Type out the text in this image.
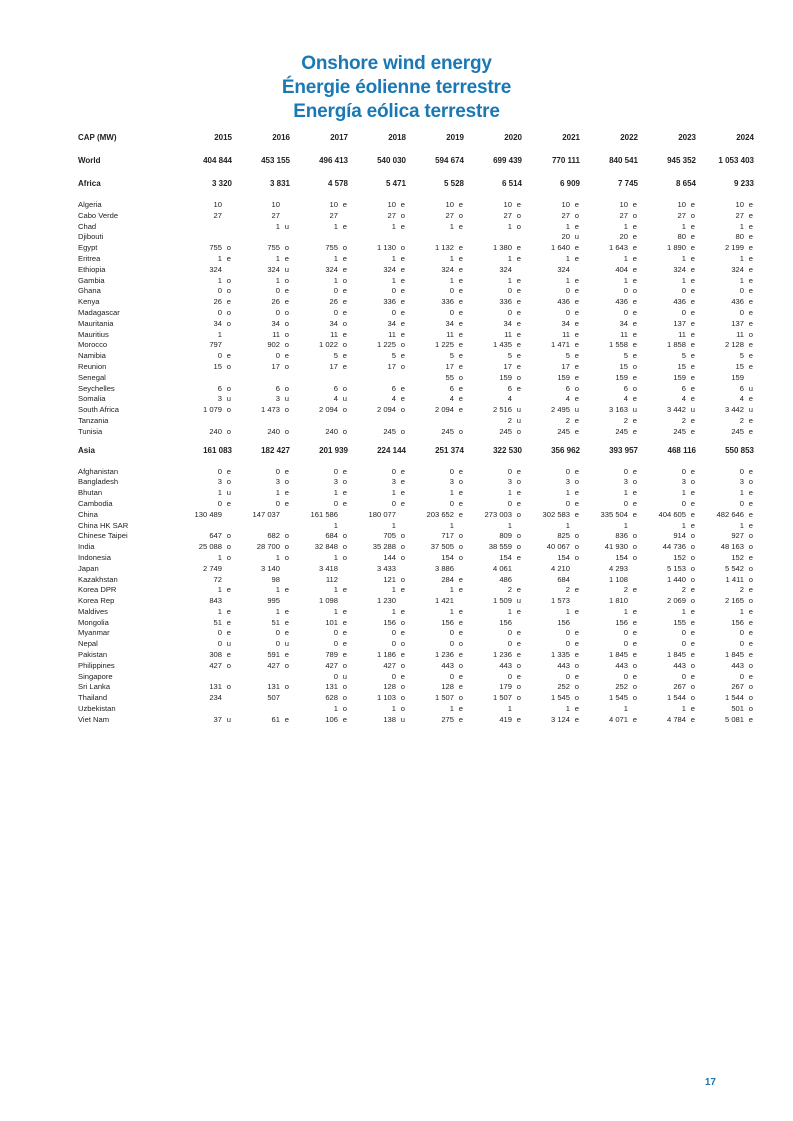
Onshore wind energy
Énergie éolienne terrestre
Energía eólica terrestre
CAP (MW)	2015	2016	2017	2018	2019	2020	2021	2022	2023	2024

World	404 844	453 155	496 413	540 030	594 674	699 439	770 111	840 541	945 352	1 053 403

Africa	3 320	3 831	4 578	5 471	5 528	6 514	6 909	7 745	8 654	9 233

Algeria	10	10	10 e	10 e	10 e	10 e	10 e	10 e	10 e	10 e

Cabo Verde	27	27	27	27 o	27 o	27 o	27 o	27 o	27 o	27 e

Chad		1 u	1 e	1 e	1 e	1 o	1 e	1 e	1 e	1 e

Djibouti							20 u	20 e	80 e	80 e

Egypt	755 o	755 o	755 o	1 130 o	1 132 e	1 380 e	1 640 e	1 643 e	1 890 e	2 199 e

Eritrea	1 e	1 e	1 e	1 e	1 e	1 e	1 e	1 e	1 e	1 e

Ethiopia	324	324 u	324 e	324 e	324 e	324	324	404 e	324 e	324 e

Gambia	1 o	1 o	1 o	1 e	1 e	1 e	1 e	1 e	1 e	1 e

Ghana	0 o	0 e	0 e	0 e	0 e	0 e	0 e	0 o	0 e	0 e

Kenya	26 e	26 e	26 e	336 e	336 e	336 e	436 e	436 e	436 e	436 e

Madagascar	0 o	0 o	0 e	0 e	0 e	0 e	0 e	0 e	0 e	0 e

Mauritania	34 o	34 o	34 o	34 e	34 e	34 e	34 e	34 e	137 e	137 e

Mauritius	1	11 o	11 e	11 e	11 e	11 e	11 e	11 e	11 e	11 o

Morocco	797	902 o	1 022 o	1 225 o	1 225 e	1 435 e	1 471 e	1 558 e	1 858 e	2 128 e

Namibia	0 e	0 e	5 e	5 e	5 e	5 e	5 e	5 e	5 e	5 e

Reunion	15 o	17 o	17 e	17 o	17 e	17 e	17 e	15 o	15 e	15 e

Senegal					55 o	159 o	159 e	159 e	159 e	159

Seychelles	6 o	6 o	6 o	6 e	6 e	6 e	6 o	6 o	6 e	6 u

Somalia	3 u	3 u	4 u	4 e	4 e	4	4 e	4 e	4 e	4 e

South Africa	1 079 o	1 473 o	2 094 o	2 094 o	2 094 e	2 516 u	2 495 u	3 163 u	3 442 u	3 442 u

Tanzania						2 u	2 e	2 e	2 e	2 e

Tunisia	240 o	240 o	240 o	245 o	245 o	245 o	245 e	245 e	245 e	245 e

Asia	161 083	182 427	201 939	224 144	251 374	322 530	356 962	393 957	468 116	550 853

Afghanistan	0 e	0 e	0 e	0 e	0 e	0 e	0 e	0 e	0 e	0 e

Bangladesh	3 o	3 o	3 o	3 e	3 o	3 o	3 o	3 o	3 o	3 o

Bhutan	1 u	1 e	1 e	1 e	1 e	1 e	1 e	1 e	1 e	1 e

Cambodia	0 e	0 e	0 e	0 e	0 e	0 e	0 e	0 e	0 e	0 e

China	130 489	147 037	161 586	180 077	203 652 e	273 003 o	302 583 e	335 504 e	404 605 e	482 646 e

China HK SAR			1	1	1	1	1	1	1 e	1 e

Chinese Taipei	647 o	682 o	684 o	705 o	717 o	809 o	825 o	836 o	914 o	927 o

India	25 088 o	28 700 o	32 848 o	35 288 o	37 505 o	38 559 o	40 067 o	41 930 o	44 736 o	48 163 o

Indonesia	1 o	1 o	1 o	144 o	154 o	154 e	154 o	154 o	152 o	152 e

Japan	2 749	3 140	3 418	3 433	3 886	4 061	4 210	4 293	5 153 o	5 542 o

Kazakhstan	72	98	112	121 o	284 e	486	684	1 108	1 440 o	1 411 o

Korea DPR	1 e	1 e	1 e	1 e	1 e	2 e	2 e	2 e	2 e	2 e

Korea Rep	843	995	1 098	1 230	1 421	1 509 u	1 573	1 810	2 069 o	2 165 o

Maldives	1 e	1 e	1 e	1 e	1 e	1 e	1 e	1 e	1 e	1 e

Mongolia	51 e	51 e	101 e	156 o	156 e	156	156	156 e	155 e	156 e

Myanmar	0 e	0 e	0 e	0 e	0 e	0 e	0 e	0 e	0 e	0 e

Nepal	0 u	0 u	0 e	0 o	0 o	0 e	0 e	0 e	0 e	0 e

Pakistan	308 e	591 e	789 e	1 186 e	1 236 e	1 236 e	1 335 e	1 845 e	1 845 e	1 845 e

Philippines	427 o	427 o	427 o	427 o	443 o	443 o	443 o	443 o	443 o	443 o

Singapore			0 u	0 e	0 e	0 e	0 e	0 e	0 e	0 e

Sri Lanka	131 o	131 o	131 o	128 o	128 e	179 o	252 o	252 o	267 o	267 o

Thailand	234	507	628 o	1 103 o	1 507 o	1 507 o	1 545 o	1 545 o	1 544 o	1 544 o

Uzbekistan			1 o	1 o	1 e	1	1 e	1	1 e	501 o

Viet Nam	37 u	61 e	106 e	138 u	275 e	419 e	3 124 e	4 071 e	4 784 e	5 081 e
17
